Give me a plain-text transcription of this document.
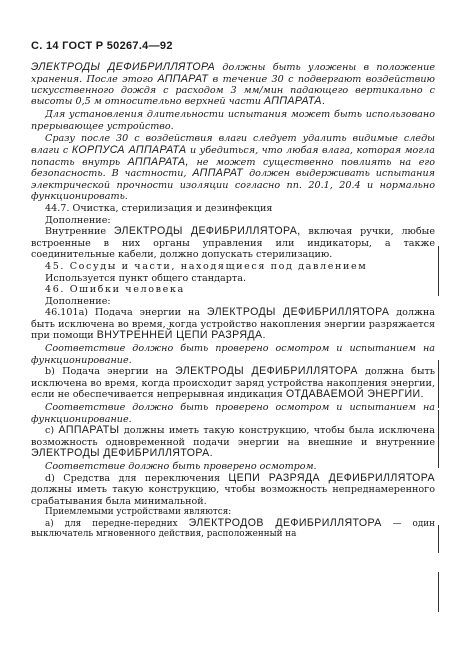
С. 14 ГОСТ Р 50267.4—92

ЭЛЕКТРОДЫ ДЕФИБРИЛЛЯТОРА должны быть уложены в положение хранения. После этого АППАРАТ в течение 30 с подвергают воздействию искусственного дождя с расходом 3 мм/мин падающего вертикально с высоты 0,5 м относительно верхней части АППАРАТА.

Для установления длительности испытания может быть использовано прерывающее устройство.

Сразу после 30 с воздействия влаги следует удалить видимые следы влаги с КОРПУСА АППАРАТА и убедиться, что любая влага, которая могла попасть внутрь АППАРАТА, не может существенно повлиять на его безопасность. В частности, АППАРАТ должен выдерживать испытания электрической прочности изоляции согласно пп. 20.1, 20.4 и нормально функционировать.

44.7. Очистка, стерилизация и дезинфекция

Дополнение:

Внутренние ЭЛЕКТРОДЫ ДЕФИБРИЛЛЯТОРА, включая ручки, любые встроенные в них органы управления или индикаторы, а также соединительные кабели, должно допускать стерилизацию.

45. Сосуды и части, находящиеся под давлением

Используется пункт общего стандарта.

46. Ошибки человека

Дополнение:

46.101а) Подача энергии на ЭЛЕКТРОДЫ ДЕФИБРИЛЛЯТОРА должна быть исключена во время, когда устройство накопления энергии разряжается при помощи ВНУТРЕННЕЙ ЦЕПИ РАЗРЯДА.

Соответствие должно быть проверено осмотром и испытанием на функционирование.

b) Подача энергии на ЭЛЕКТРОДЫ ДЕФИБРИЛЛЯТОРА должна быть исключена во время, когда происходит заряд устройства накопления энергии, если не обеспечивается непрерывная индикация ОТДАВАЕМОЙ ЭНЕРГИИ.

Соответствие должно быть проверено осмотром и испытанием на функционирование.

с) АППАРАТЫ должны иметь такую конструкцию, чтобы была исключена возможность одновременной подачи энергии на внешние и внутренние ЭЛЕКТРОДЫ ДЕФИБРИЛЛЯТОРА.

Соответствие должно быть проверено осмотром.

d) Средства для переключения ЦЕПИ РАЗРЯДА ДЕФИБРИЛЛЯТОРА должны иметь такую конструкцию, чтобы возможность непреднамеренного срабатывания была минимальной.

Приемлемыми устройствами являются:

а) для передне-передних ЭЛЕКТРОДОВ ДЕФИБРИЛЛЯТОРА — один выключатель мгновенного действия, расположенный на
